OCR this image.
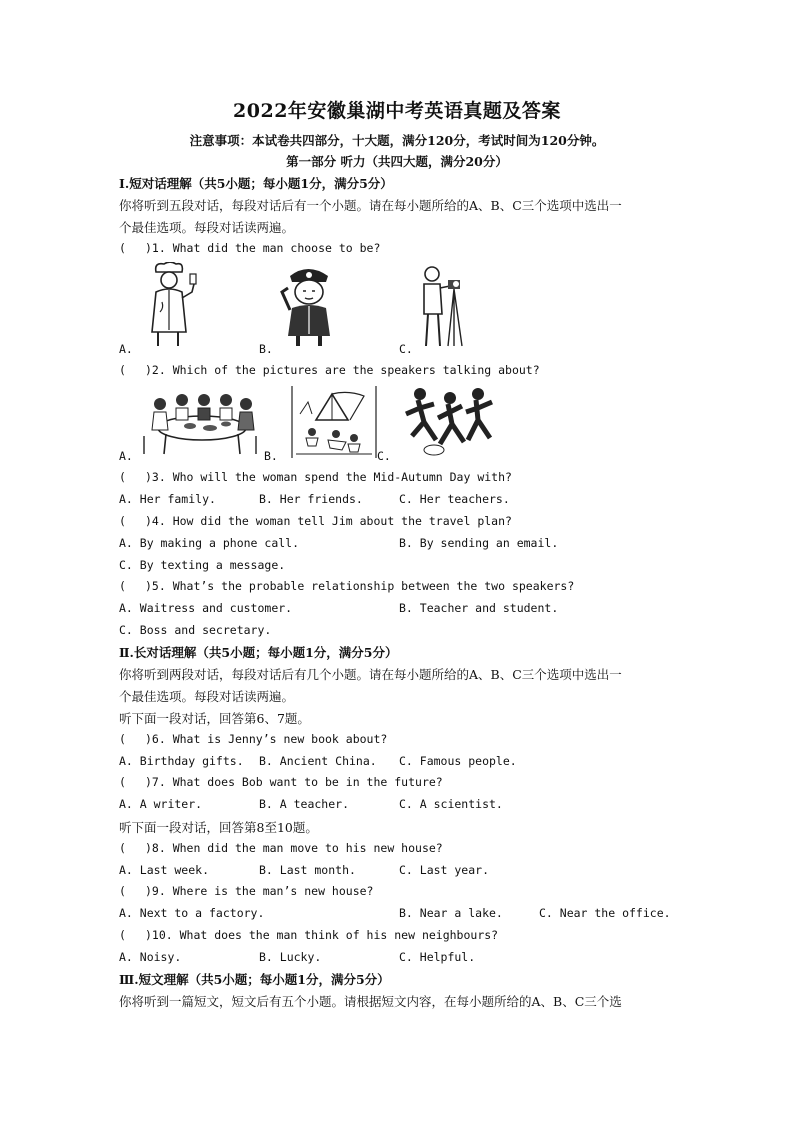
2022年安徽巢湖中考英语真题及答案
注意事项：本试卷共四部分，十大题，满分120分，考试时间为120分钟。
第一部分 听力（共四大题，满分20分）
Ⅰ.短对话理解（共5小题；每小题1分，满分5分）
你将听到五段对话，每段对话后有一个小题。请在每小题所给的A、B、C三个选项中选出一
个最佳选项。每段对话读两遍。
( )1. What did the man choose to be?
A.	B.	C.
( )2. Which of the pictures are the speakers talking about?
A.	B.	C.
( )3. Who will the woman spend the Mid-Autumn Day with?
A. Her family.	B. Her friends.	C. Her teachers.
( )4. How did the woman tell Jim about the travel plan?
A. By making a phone call.	B. By sending an email.
C. By texting a message.
( )5. What’s the probable relationship between the two speakers?
A. Waitress and customer.	B. Teacher and student.
C. Boss and secretary.
Ⅱ.长对话理解（共5小题；每小题1分，满分5分）
你将听到两段对话，每段对话后有几个小题。请在每小题所给的A、B、C三个选项中选出一
个最佳选项。每段对话读两遍。
听下面一段对话，回答第6、7题。
( )6. What is Jenny’s new book about?
A. Birthday gifts. B. Ancient China. C. Famous people.
( )7. What does Bob want to be in the future?
A. A writer.	B. A teacher.	C. A scientist.
听下面一段对话，回答第8至10题。
( )8. When did the man move to his new house?
A. Last week.	B. Last month.	C. Last year.
( )9. Where is the man’s new house?
A. Next to a factory.	B. Near a lake.	C. Near the office.
( )10. What does the man think of his new neighbours?
A. Noisy.	B. Lucky.	C. Helpful.
Ⅲ.短文理解（共5小题；每小题1分，满分5分）
你将听到一篇短文，短文后有五个小题。请根据短文内容，在每小题所给的A、B、C三个选
